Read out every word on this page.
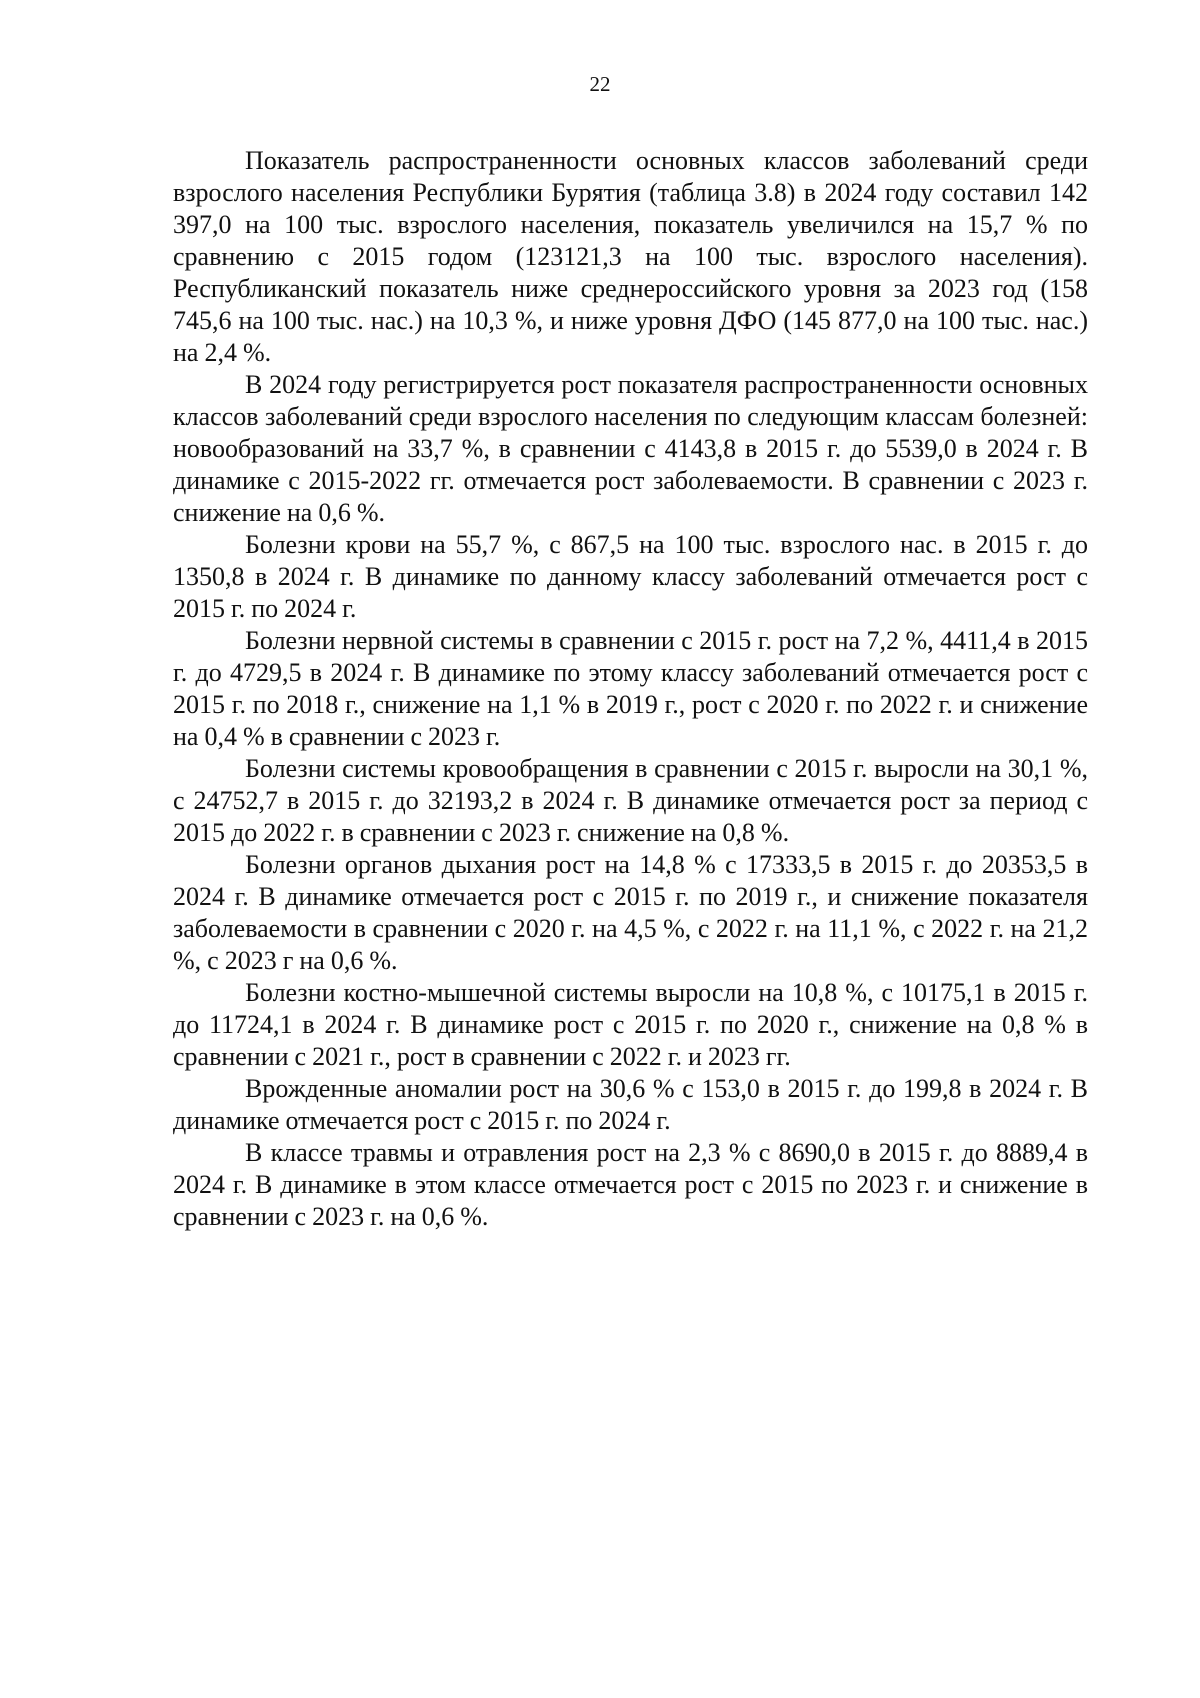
22

Показатель распространенности основных классов заболеваний среди взрослого населения Республики Бурятия (таблица 3.8) в 2024 году составил 142 397,0 на 100 тыс. взрослого населения, показатель увеличился на 15,7 % по сравнению с 2015 годом (123121,3 на 100 тыс. взрослого населения). Республиканский показатель ниже среднероссийского уровня за 2023 год (158 745,6 на 100 тыс. нас.) на 10,3 %, и ниже уровня ДФО (145 877,0 на 100 тыс. нас.) на 2,4 %.

В 2024 году регистрируется рост показателя распространенности основных классов заболеваний среди взрослого населения по следующим классам болезней: новообразований на 33,7 %, в сравнении с 4143,8 в 2015 г. до 5539,0 в 2024 г. В динамике с 2015-2022 гг. отмечается рост заболеваемости. В сравнении с 2023 г. снижение на 0,6 %.

Болезни крови на 55,7 %, с 867,5 на 100 тыс. взрослого нас. в 2015 г. до 1350,8 в 2024 г. В динамике по данному классу заболеваний отмечается рост с 2015 г. по 2024 г.

Болезни нервной системы в сравнении с 2015 г. рост на 7,2 %, 4411,4 в 2015 г. до 4729,5 в 2024 г. В динамике по этому классу заболеваний отмечается рост с 2015 г. по 2018 г., снижение на 1,1 % в 2019 г., рост с 2020 г. по 2022 г. и снижение на 0,4 % в сравнении с 2023 г.

Болезни системы кровообращения в сравнении с 2015 г. выросли на 30,1 %, с 24752,7 в 2015 г. до 32193,2 в 2024 г. В динамике отмечается рост за период с 2015 до 2022 г. в сравнении с 2023 г. снижение на 0,8 %.

Болезни органов дыхания рост на 14,8 % с 17333,5 в 2015 г. до 20353,5 в 2024 г. В динамике отмечается рост с 2015 г. по 2019 г., и снижение показателя заболеваемости в сравнении с 2020 г. на 4,5 %, с 2022 г. на 11,1 %, с 2022 г. на 21,2 %, с 2023 г на 0,6 %.

Болезни костно-мышечной системы выросли на 10,8 %, с 10175,1 в 2015 г. до 11724,1 в 2024 г. В динамике рост с 2015 г. по 2020 г., снижение на 0,8 % в сравнении с 2021 г., рост в сравнении с 2022 г. и 2023 гг.

Врожденные аномалии рост на 30,6 % с 153,0 в 2015 г. до 199,8 в 2024 г. В динамике отмечается рост с 2015 г. по 2024 г.

В классе травмы и отравления рост на 2,3 % с 8690,0 в 2015 г. до 8889,4 в 2024 г. В динамике в этом классе отмечается рост с 2015 по 2023 г. и снижение в сравнении с 2023 г. на 0,6 %.
